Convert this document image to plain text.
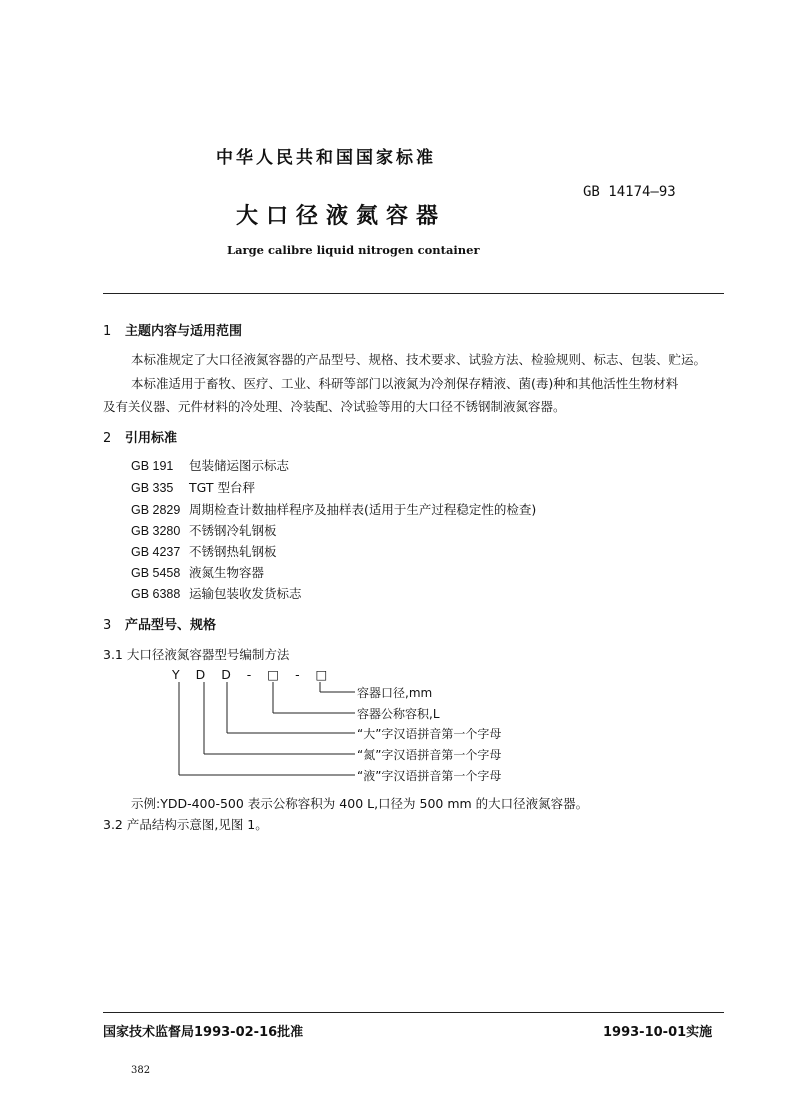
中华人民共和国国家标准
GB 14174—93
大口径液氮容器
Large calibre liquid nitrogen container
1 主题内容与适用范围
本标准规定了大口径液氮容器的产品型号、规格、技术要求、试验方法、检验规则、标志、包装、贮运。
本标准适用于畜牧、医疗、工业、科研等部门以液氮为冷剂保存精液、菌(毒)种和其他活性生物材料
及有关仪器、元件材料的冷处理、冷装配、冷试验等用的大口径不锈钢制液氮容器。
2 引用标准
GB 191 包装储运图示标志
GB 335 TGT 型台秤
GB 2829 周期检查计数抽样程序及抽样表(适用于生产过程稳定性的检查)
GB 3280 不锈钢冷轧钢板
GB 4237 不锈钢热轧钢板
GB 5458 液氮生物容器
GB 6388 运输包装收发货标志
3 产品型号、规格
3.1 大口径液氮容器型号编制方法
Y D D - □ - □
容器口径,mm
容器公称容积,L
“大”字汉语拼音第一个字母
“氮”字汉语拼音第一个字母
“液”字汉语拼音第一个字母
示例:YDD-400-500 表示公称容积为 400 L,口径为 500 mm 的大口径液氮容器。
3.2 产品结构示意图,见图 1。
国家技术监督局1993-02-16批准	1993-10-01实施
382
